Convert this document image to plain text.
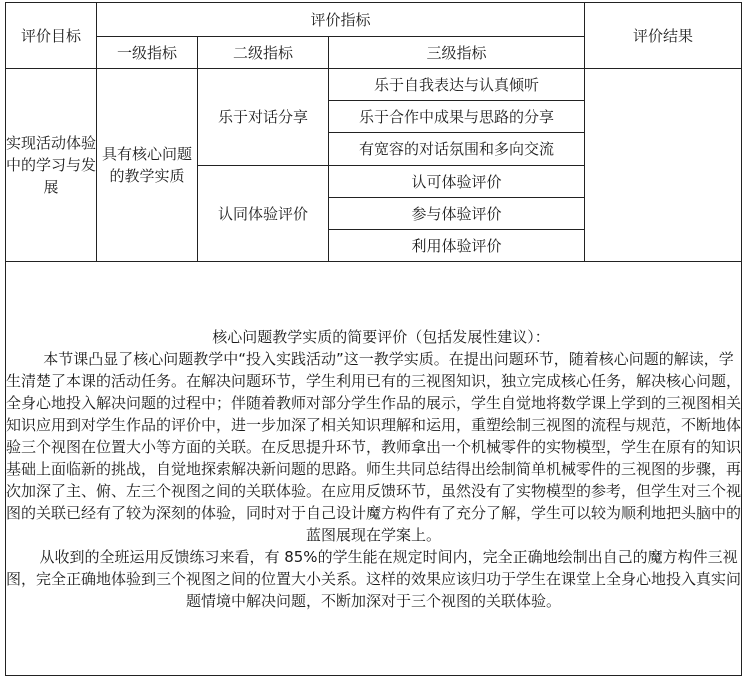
评价目标	评价指标			评价结果
	一级指标	二级指标	三级指标	
实现活动体验中的学习与发展	具有核心问题的教学实质	乐于对话分享	乐于自我表达与认真倾听	
			乐于合作中成果与思路的分享	
			有宽容的对话氛围和多向交流	
		认同体验评价	认可体验评价	
			参与体验评价	
			利用体验评价	

核心问题教学实质的简要评价（包括发展性建议）：

本节课凸显了核心问题教学中“投入实践活动”这一教学实质。在提出问题环节，随着核心问题的解读，学生清楚了本课的活动任务。在解决问题环节，学生利用已有的三视图知识，独立完成核心任务，解决核心问题，全身心地投入解决问题的过程中；伴随着教师对部分学生作品的展示，学生自觉地将数学课上学到的三视图相关知识应用到对学生作品的评价中，进一步加深了相关知识理解和运用，重塑绘制三视图的流程与规范，不断地体验三个视图在位置大小等方面的关联。在反思提升环节，教师拿出一个机械零件的实物模型，学生在原有的知识基础上面临新的挑战，自觉地探索解决新问题的思路。师生共同总结得出绘制简单机械零件的三视图的步骤，再次加深了主、俯、左三个视图之间的关联体验。在应用反馈环节，虽然没有了实物模型的参考，但学生对三个视图的关联已经有了较为深刻的体验，同时对于自己设计魔方构件有了充分了解，学生可以较为顺利地把头脑中的蓝图展现在学案上。

从收到的全班运用反馈练习来看，有 85%的学生能在规定时间内，完全正确地绘制出自己的魔方构件三视图，完全正确地体验到三个视图之间的位置大小关系。这样的效果应该归功于学生在课堂上全身心地投入真实问题情境中解决问题，不断加深对于三个视图的关联体验。				
